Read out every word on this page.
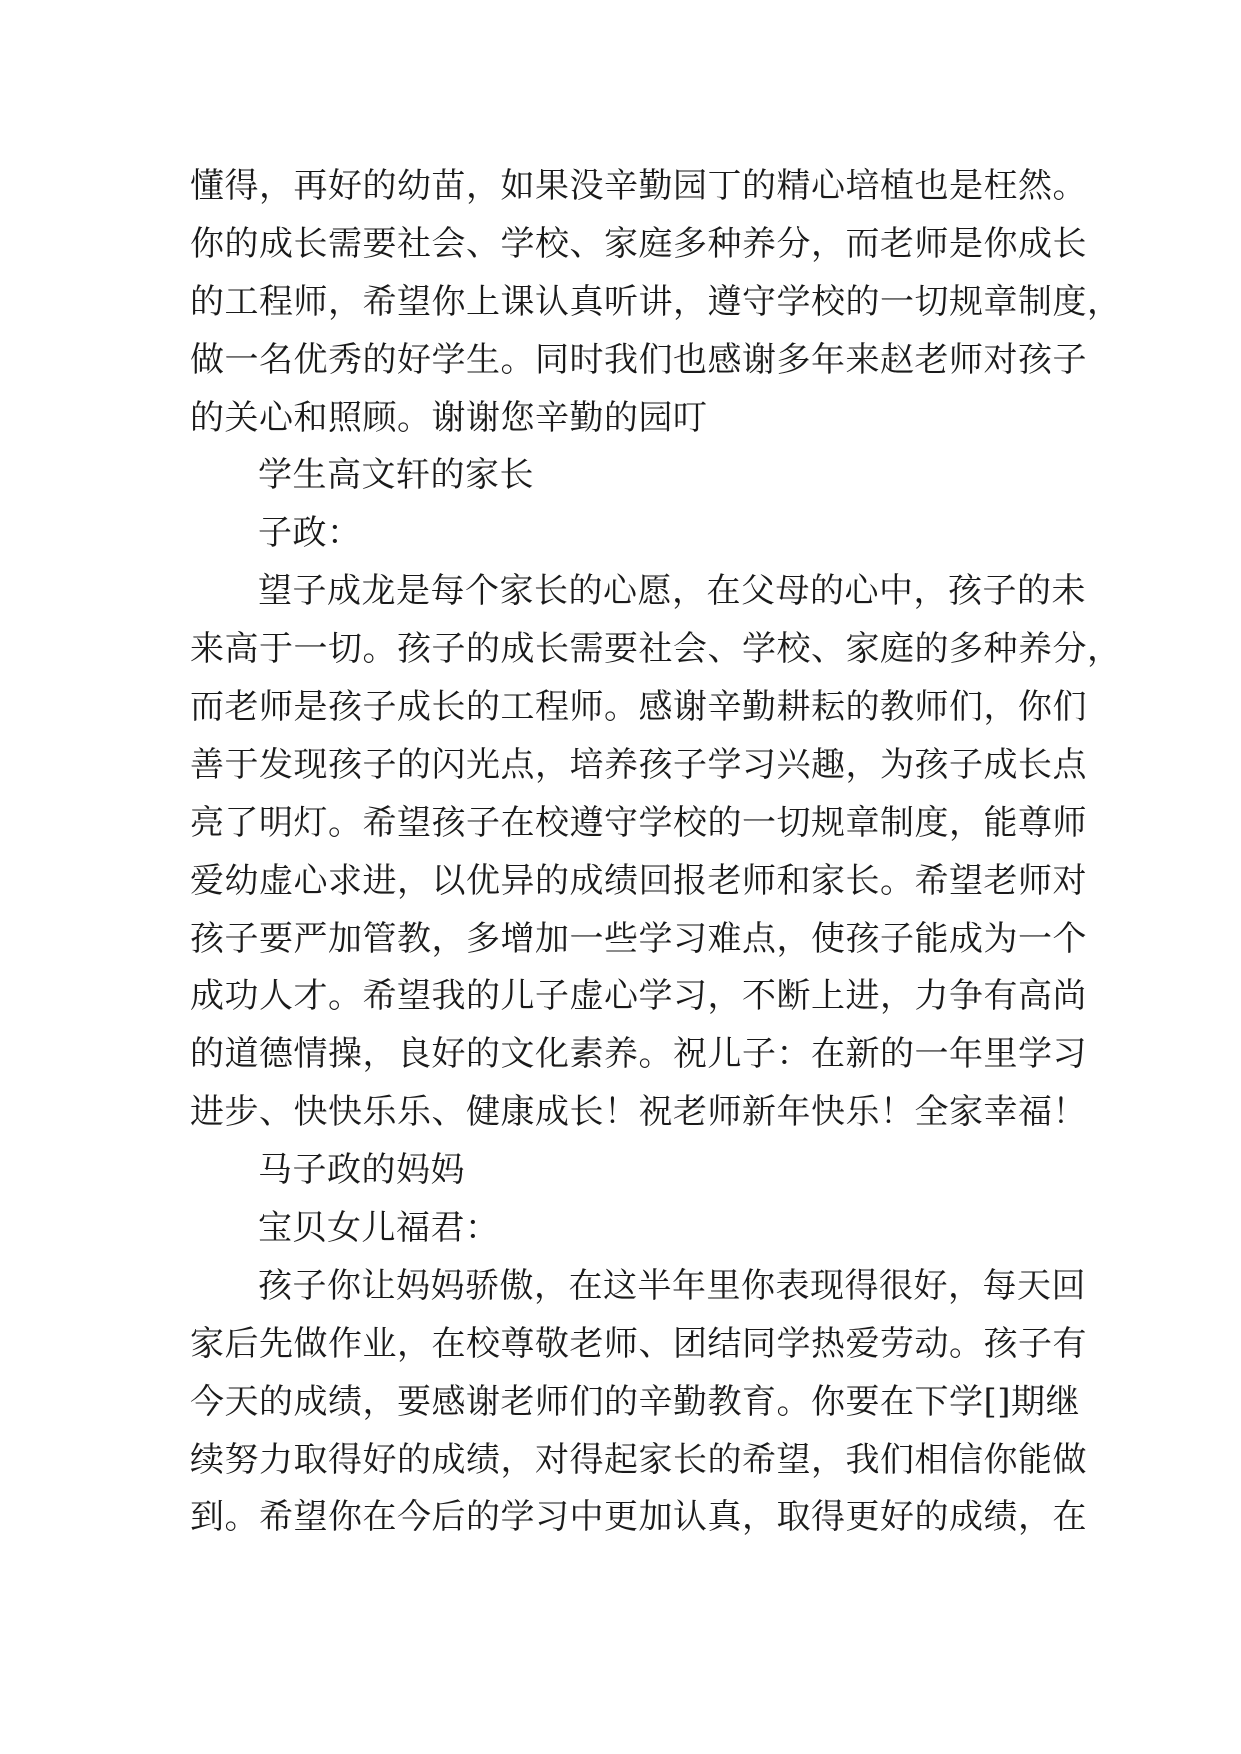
懂得，再好的幼苗，如果没辛勤园丁的精心培植也是枉然。
你的成长需要社会、学校、家庭多种养分，而老师是你成长
的工程师，希望你上课认真听讲，遵守学校的一切规章制度，
做一名优秀的好学生。同时我们也感谢多年来赵老师对孩子
的关心和照顾。谢谢您辛勤的园叮
学生高文轩的家长
子政：
望子成龙是每个家长的心愿，在父母的心中，孩子的未
来高于一切。孩子的成长需要社会、学校、家庭的多种养分，
而老师是孩子成长的工程师。感谢辛勤耕耘的教师们，你们
善于发现孩子的闪光点，培养孩子学习兴趣，为孩子成长点
亮了明灯。希望孩子在校遵守学校的一切规章制度，能尊师
爱幼虚心求进，以优异的成绩回报老师和家长。希望老师对
孩子要严加管教，多增加一些学习难点，使孩子能成为一个
成功人才。希望我的儿子虚心学习，不断上进，力争有高尚
的道德情操，良好的文化素养。祝儿子：在新的一年里学习
进步、快快乐乐、健康成长！祝老师新年快乐！全家幸福！
马子政的妈妈
宝贝女儿福君：
孩子你让妈妈骄傲，在这半年里你表现得很好，每天回
家后先做作业，在校尊敬老师、团结同学热爱劳动。孩子有
今天的成绩，要感谢老师们的辛勤教育。你要在下学[]期继
续努力取得好的成绩，对得起家长的希望，我们相信你能做
到。希望你在今后的学习中更加认真，取得更好的成绩，在
